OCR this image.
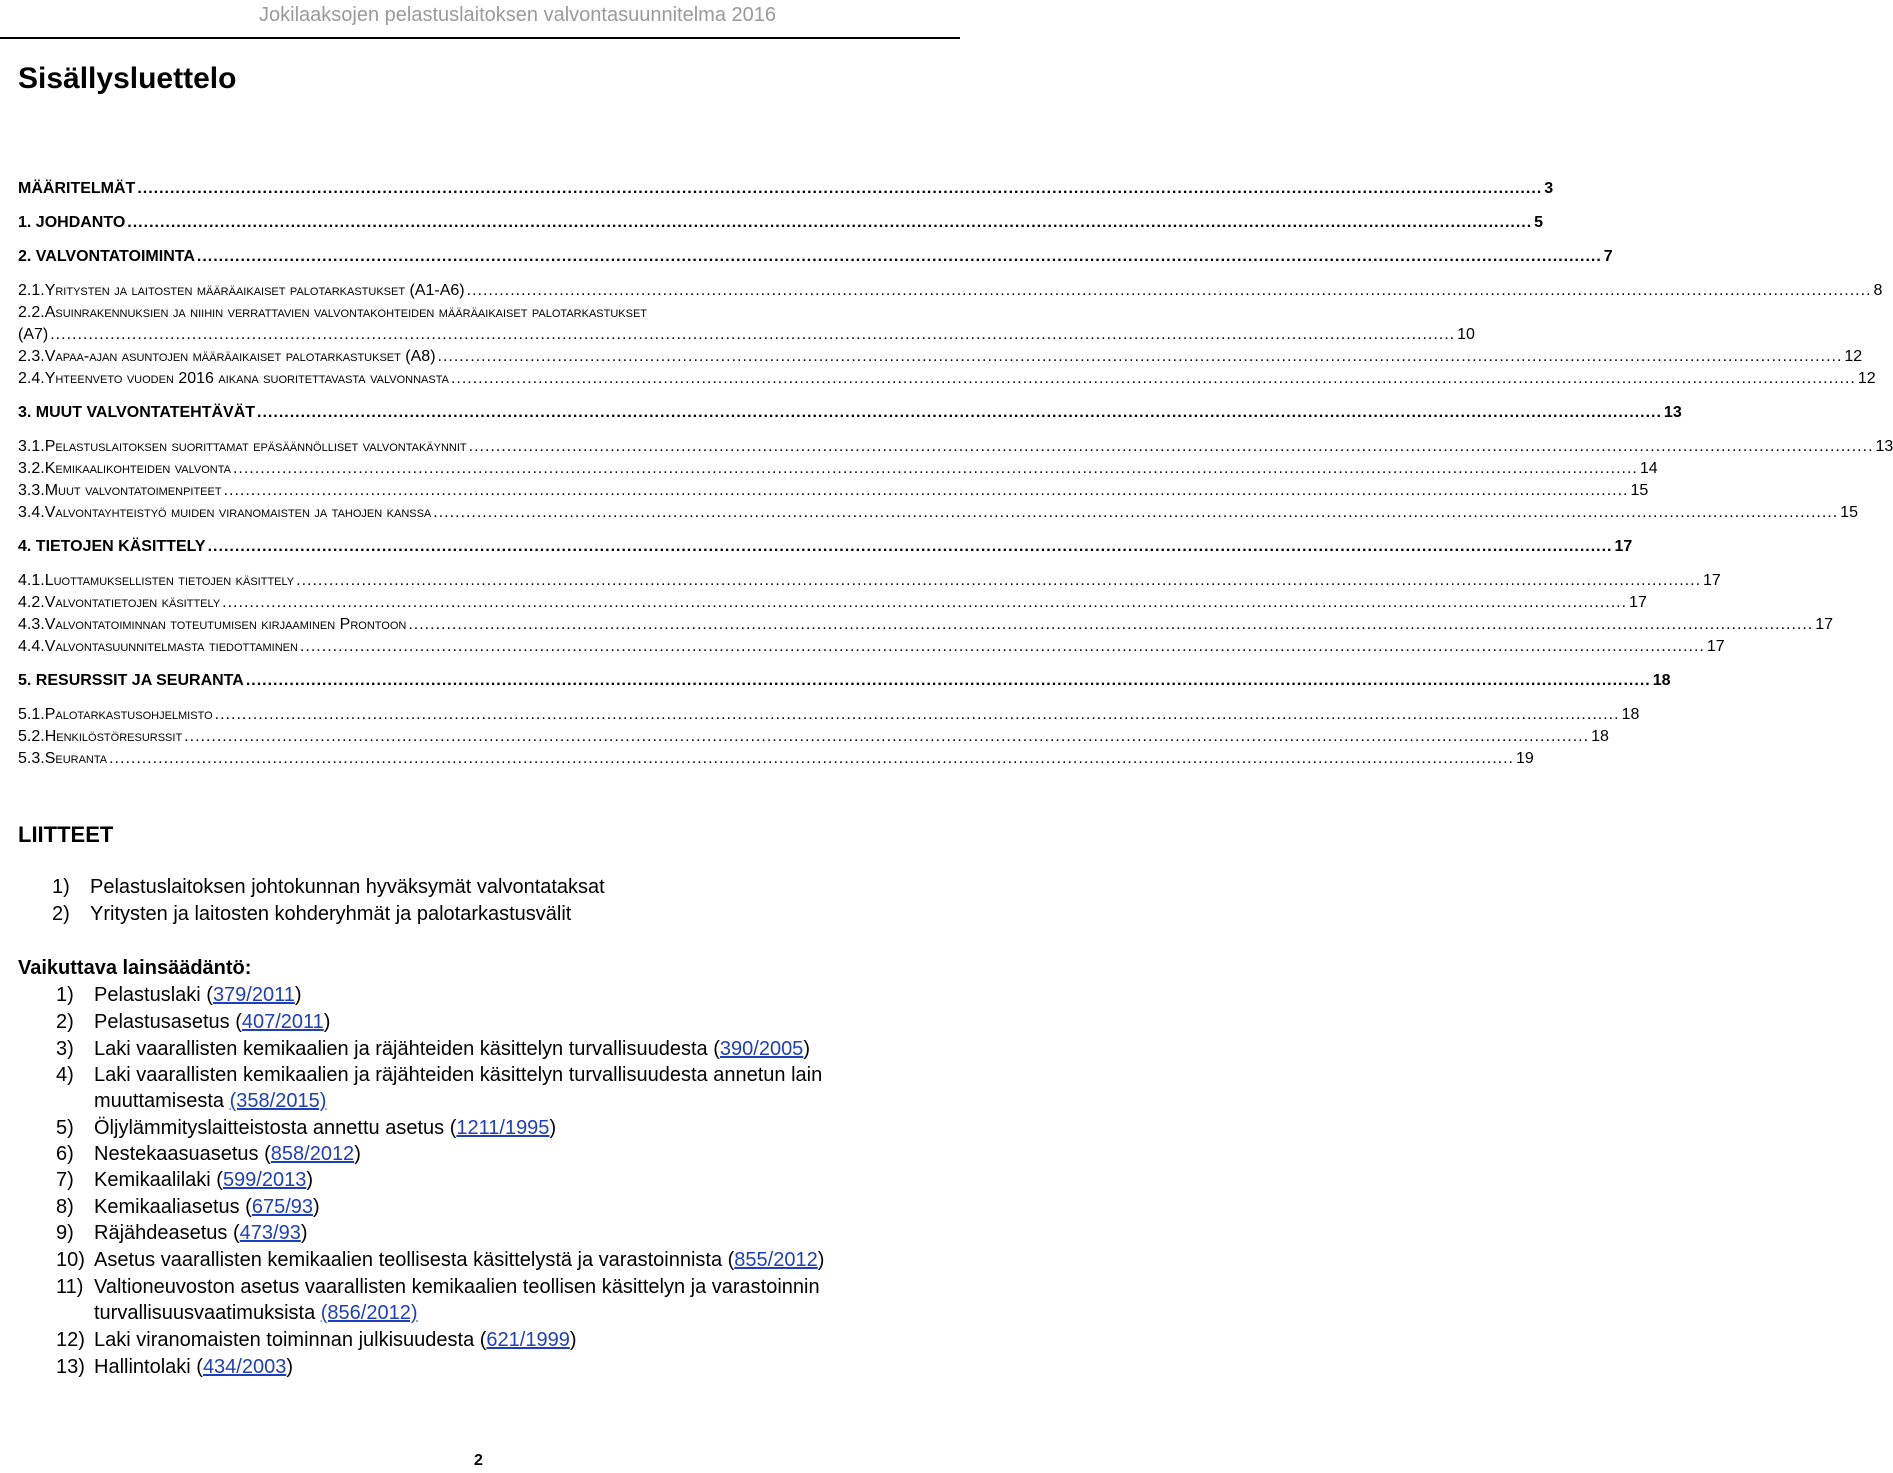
Jokilaaksojen pelastuslaitoksen valvontasuunnitelma 2016
Sisällysluettelo
MÄÄRITELMÄT .....	3
1. JOHDANTO .....	5
2. VALVONTATOIMINTA .....	7
2.1. Yritysten ja laitosten määräaikaiset palotarkastukset (A1-A6) .....	8
2.2. Asuinrakennuksien ja niihin verrattavien valvontakohteiden määräaikaiset palotarkastukset
(A7) .....	10
2.3. Vapaa-ajan asuntojen määräaikaiset palotarkastukset (A8) .....	12
2.4. Yhteenveto vuoden 2016 aikana suoritettavasta valvonnasta .....	12
3. MUUT VALVONTATEHTÄVÄT .....	13
3.1. Pelastuslaitoksen suorittamat epäsäännölliset valvontakäynnit .....	13
3.2. Kemikaalikohteiden valvonta .....	14
3.3. Muut valvontatoimenpiteet .....	15
3.4. Valvontayhteistyö muiden viranomaisten ja tahojen kanssa .....	15
4. TIETOJEN KÄSITTELY .....	17
4.1. Luottamuksellisten tietojen käsittely .....	17
4.2. Valvontatietojen käsittely .....	17
4.3. Valvontatoiminnan toteutumisen kirjaaminen Prontoon .....	17
4.4. Valvontasuunnitelmasta tiedottaminen .....	17
5. RESURSSIT JA SEURANTA .....	18
5.1. Palotarkastusohjelmisto .....	18
5.2. Henkilöstöresurssit .....	18
5.3. Seuranta .....	19
LIITTEET
1) Pelastuslaitoksen johtokunnan hyväksymät valvontataksat
2) Yritysten ja laitosten kohderyhmät ja palotarkastusvälit
Vaikuttava lainsäädäntö:
1) Pelastuslaki (379/2011)
2) Pelastusasetus (407/2011)
3) Laki vaarallisten kemikaalien ja räjähteiden käsittelyn turvallisuudesta (390/2005)
4) Laki vaarallisten kemikaalien ja räjähteiden käsittelyn turvallisuudesta annetun lain
muuttamisesta (358/2015)
5) Öljylämmityslaitteistosta annettu asetus (1211/1995)
6) Nestekaasuasetus (858/2012)
7) Kemikaalilaki (599/2013)
8) Kemikaaliasetus (675/93)
9) Räjähdeasetus (473/93)
10) Asetus vaarallisten kemikaalien teollisesta käsittelystä ja varastoinnista (855/2012)
11) Valtioneuvoston asetus vaarallisten kemikaalien teollisen käsittelyn ja varastoinnin
turvallisuusvaatimuksista (856/2012)
12) Laki viranomaisten toiminnan julkisuudesta (621/1999)
13) Hallintolaki (434/2003)
2
